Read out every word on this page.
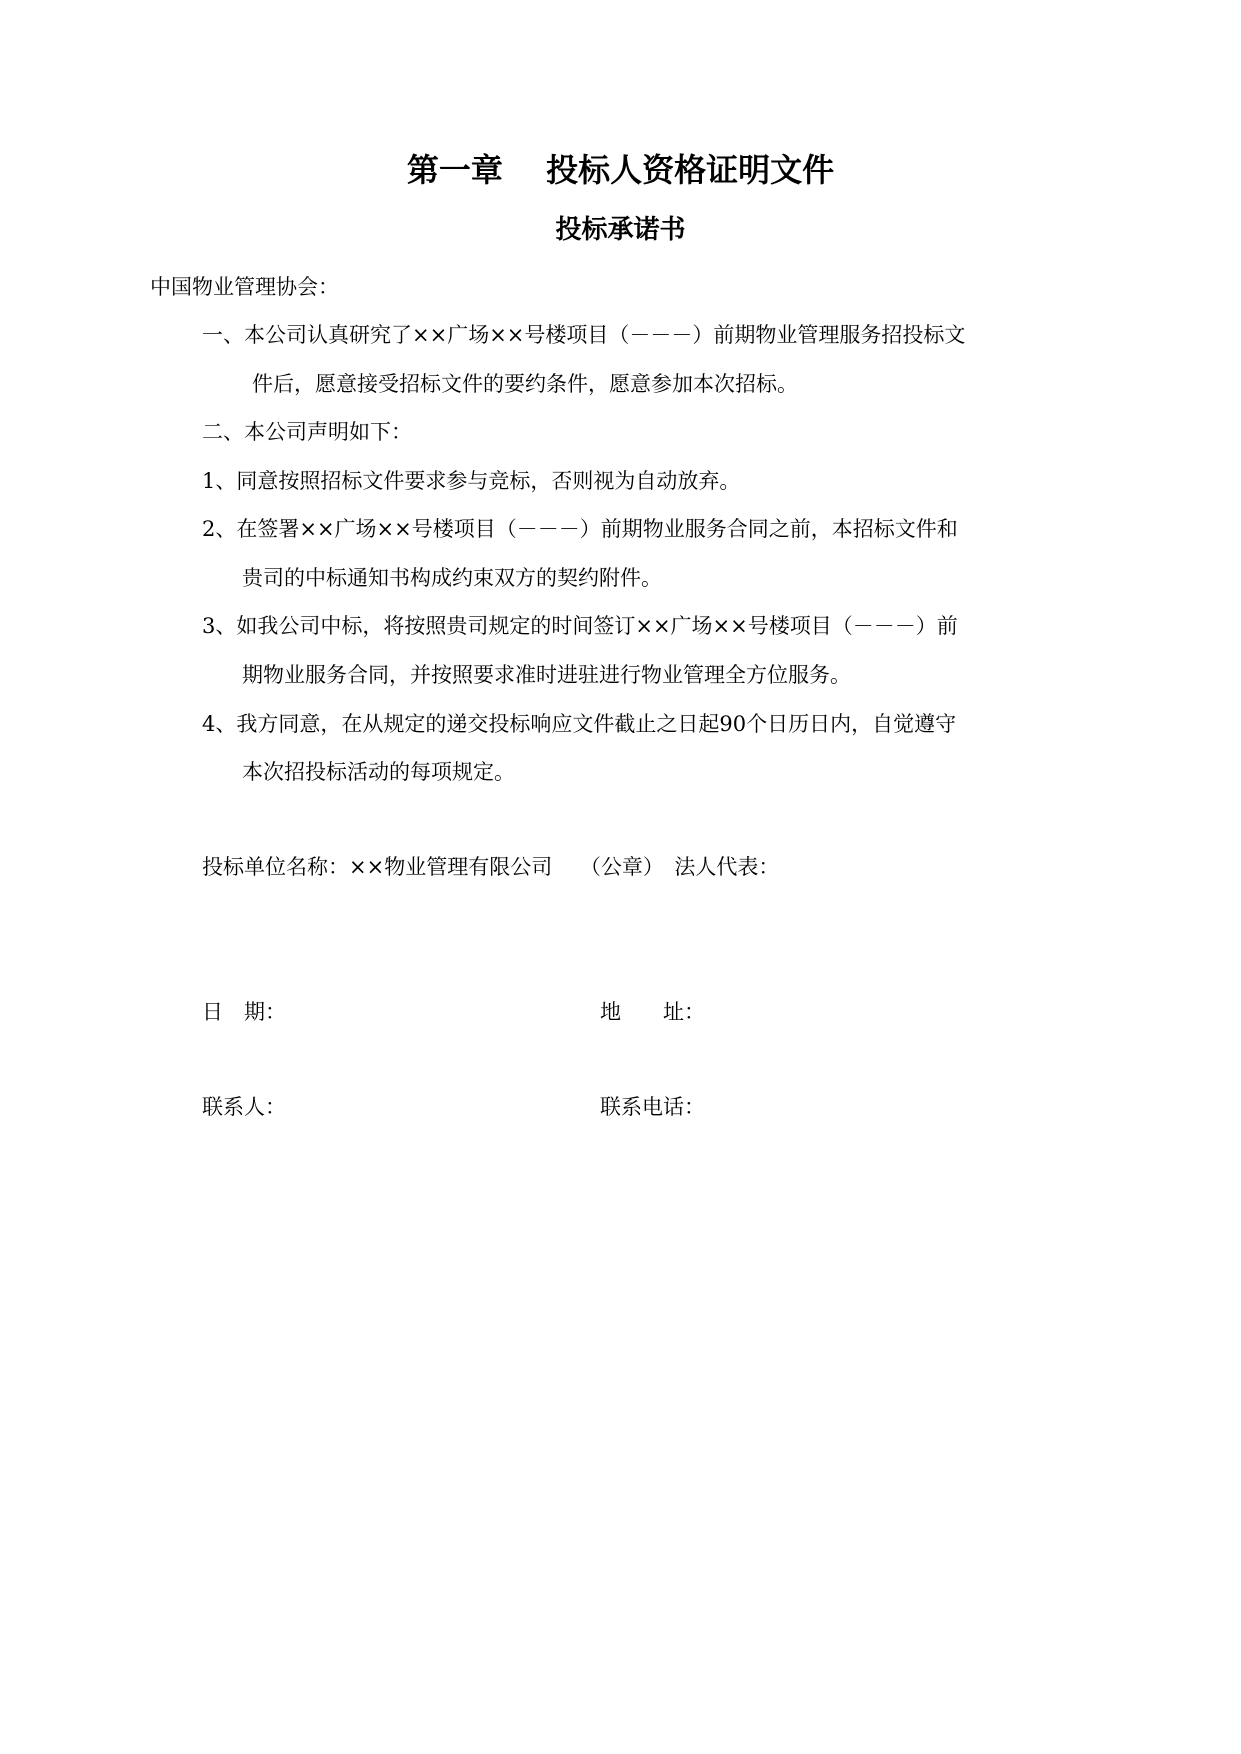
第一章　 投标人资格证明文件
投标承诺书
中国物业管理协会：
一、本公司认真研究了××广场××号楼项目（－－－）前期物业管理服务招投标文
件后，愿意接受招标文件的要约条件，愿意参加本次招标。
二、本公司声明如下：
1、同意按照招标文件要求参与竞标，否则视为自动放弃。
2、在签署××广场××号楼项目（－－－）前期物业服务合同之前，本招标文件和
贵司的中标通知书构成约束双方的契约附件。
3、如我公司中标，将按照贵司规定的时间签订××广场××号楼项目（－－－）前
期物业服务合同，并按照要求准时进驻进行物业管理全方位服务。
4、我方同意，在从规定的递交投标响应文件截止之日起90个日历日内，自觉遵守
本次招投标活动的每项规定。
投标单位名称：××物业管理有限公司　 （公章）　法人代表：
日　期：	地　　址：
联系人：	联系电话：
